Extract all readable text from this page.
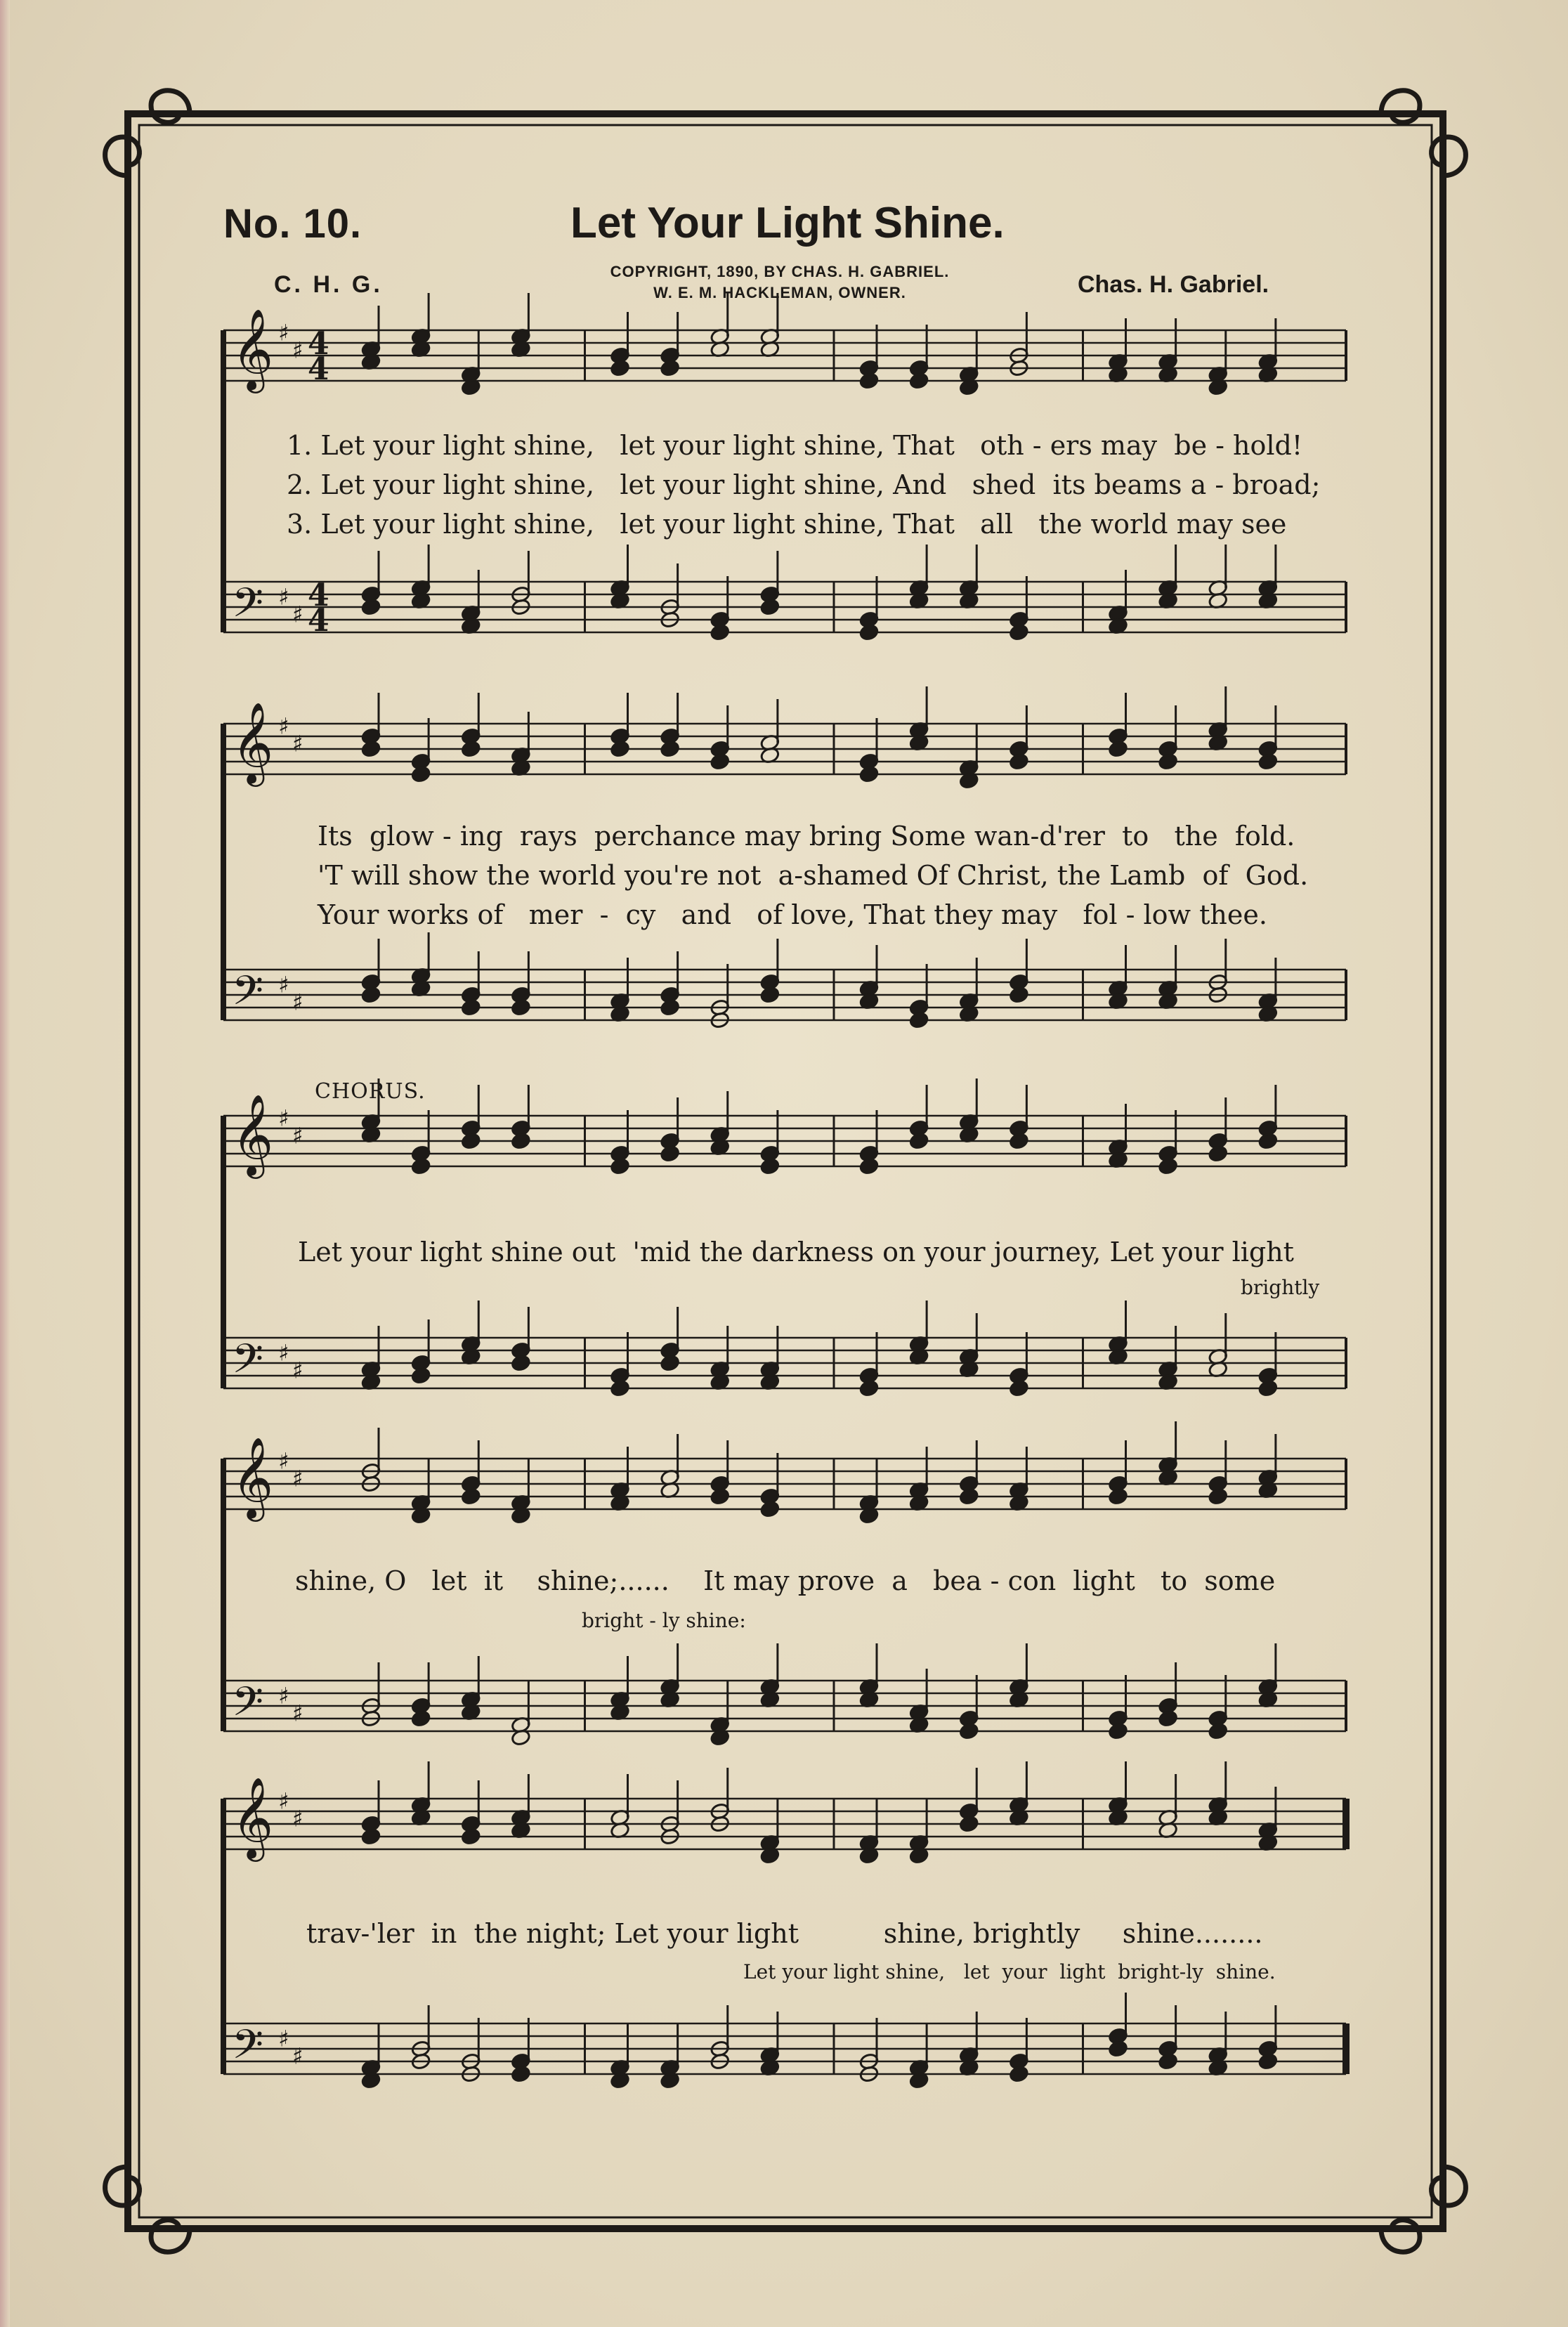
No. 10.	Let Your Light Shine.
C. H. G.	COPYRIGHT, 1890, BY CHAS. H. GABRIEL.
W. E. M. HACKLEMAN, OWNER.	Chas. H. Gabriel.
𝄞 ♯
♯ 4
4
𝄢 ♯
♯
4
4
𝄞 ♯
♯
𝄢 ♯
♯
𝄞 ♯
♯
𝄢 ♯
♯
𝄞 ♯
♯
𝄢 ♯
♯
𝄞 ♯
♯
𝄢 ♯
♯
1. Let your light shine,   let your light shine, That   oth - ers may  be - hold!
2. Let your light shine,   let your light shine, And   shed  its beams a - broad;
3. Let your light shine,   let your light shine, That   all   the world may see
Its  glow - ing  rays  perchance may bring Some wan-d'rer  to   the  fold.
'T will show the world you're not  a-shamed Of Christ, the Lamb  of  God.
Your works of   mer  -  cy   and   of love, That they may   fol - low thee.
CHORUS.
Let your light shine out  'mid the darkness on your journey, Let your light
brightly
shine, O   let  it    shine;......    It may prove  a   bea - con  light   to  some
bright - ly shine:
trav-'ler  in  the night; Let your light          shine, brightly     shine........
Let your light shine,   let  your  light  bright-ly  shine.
